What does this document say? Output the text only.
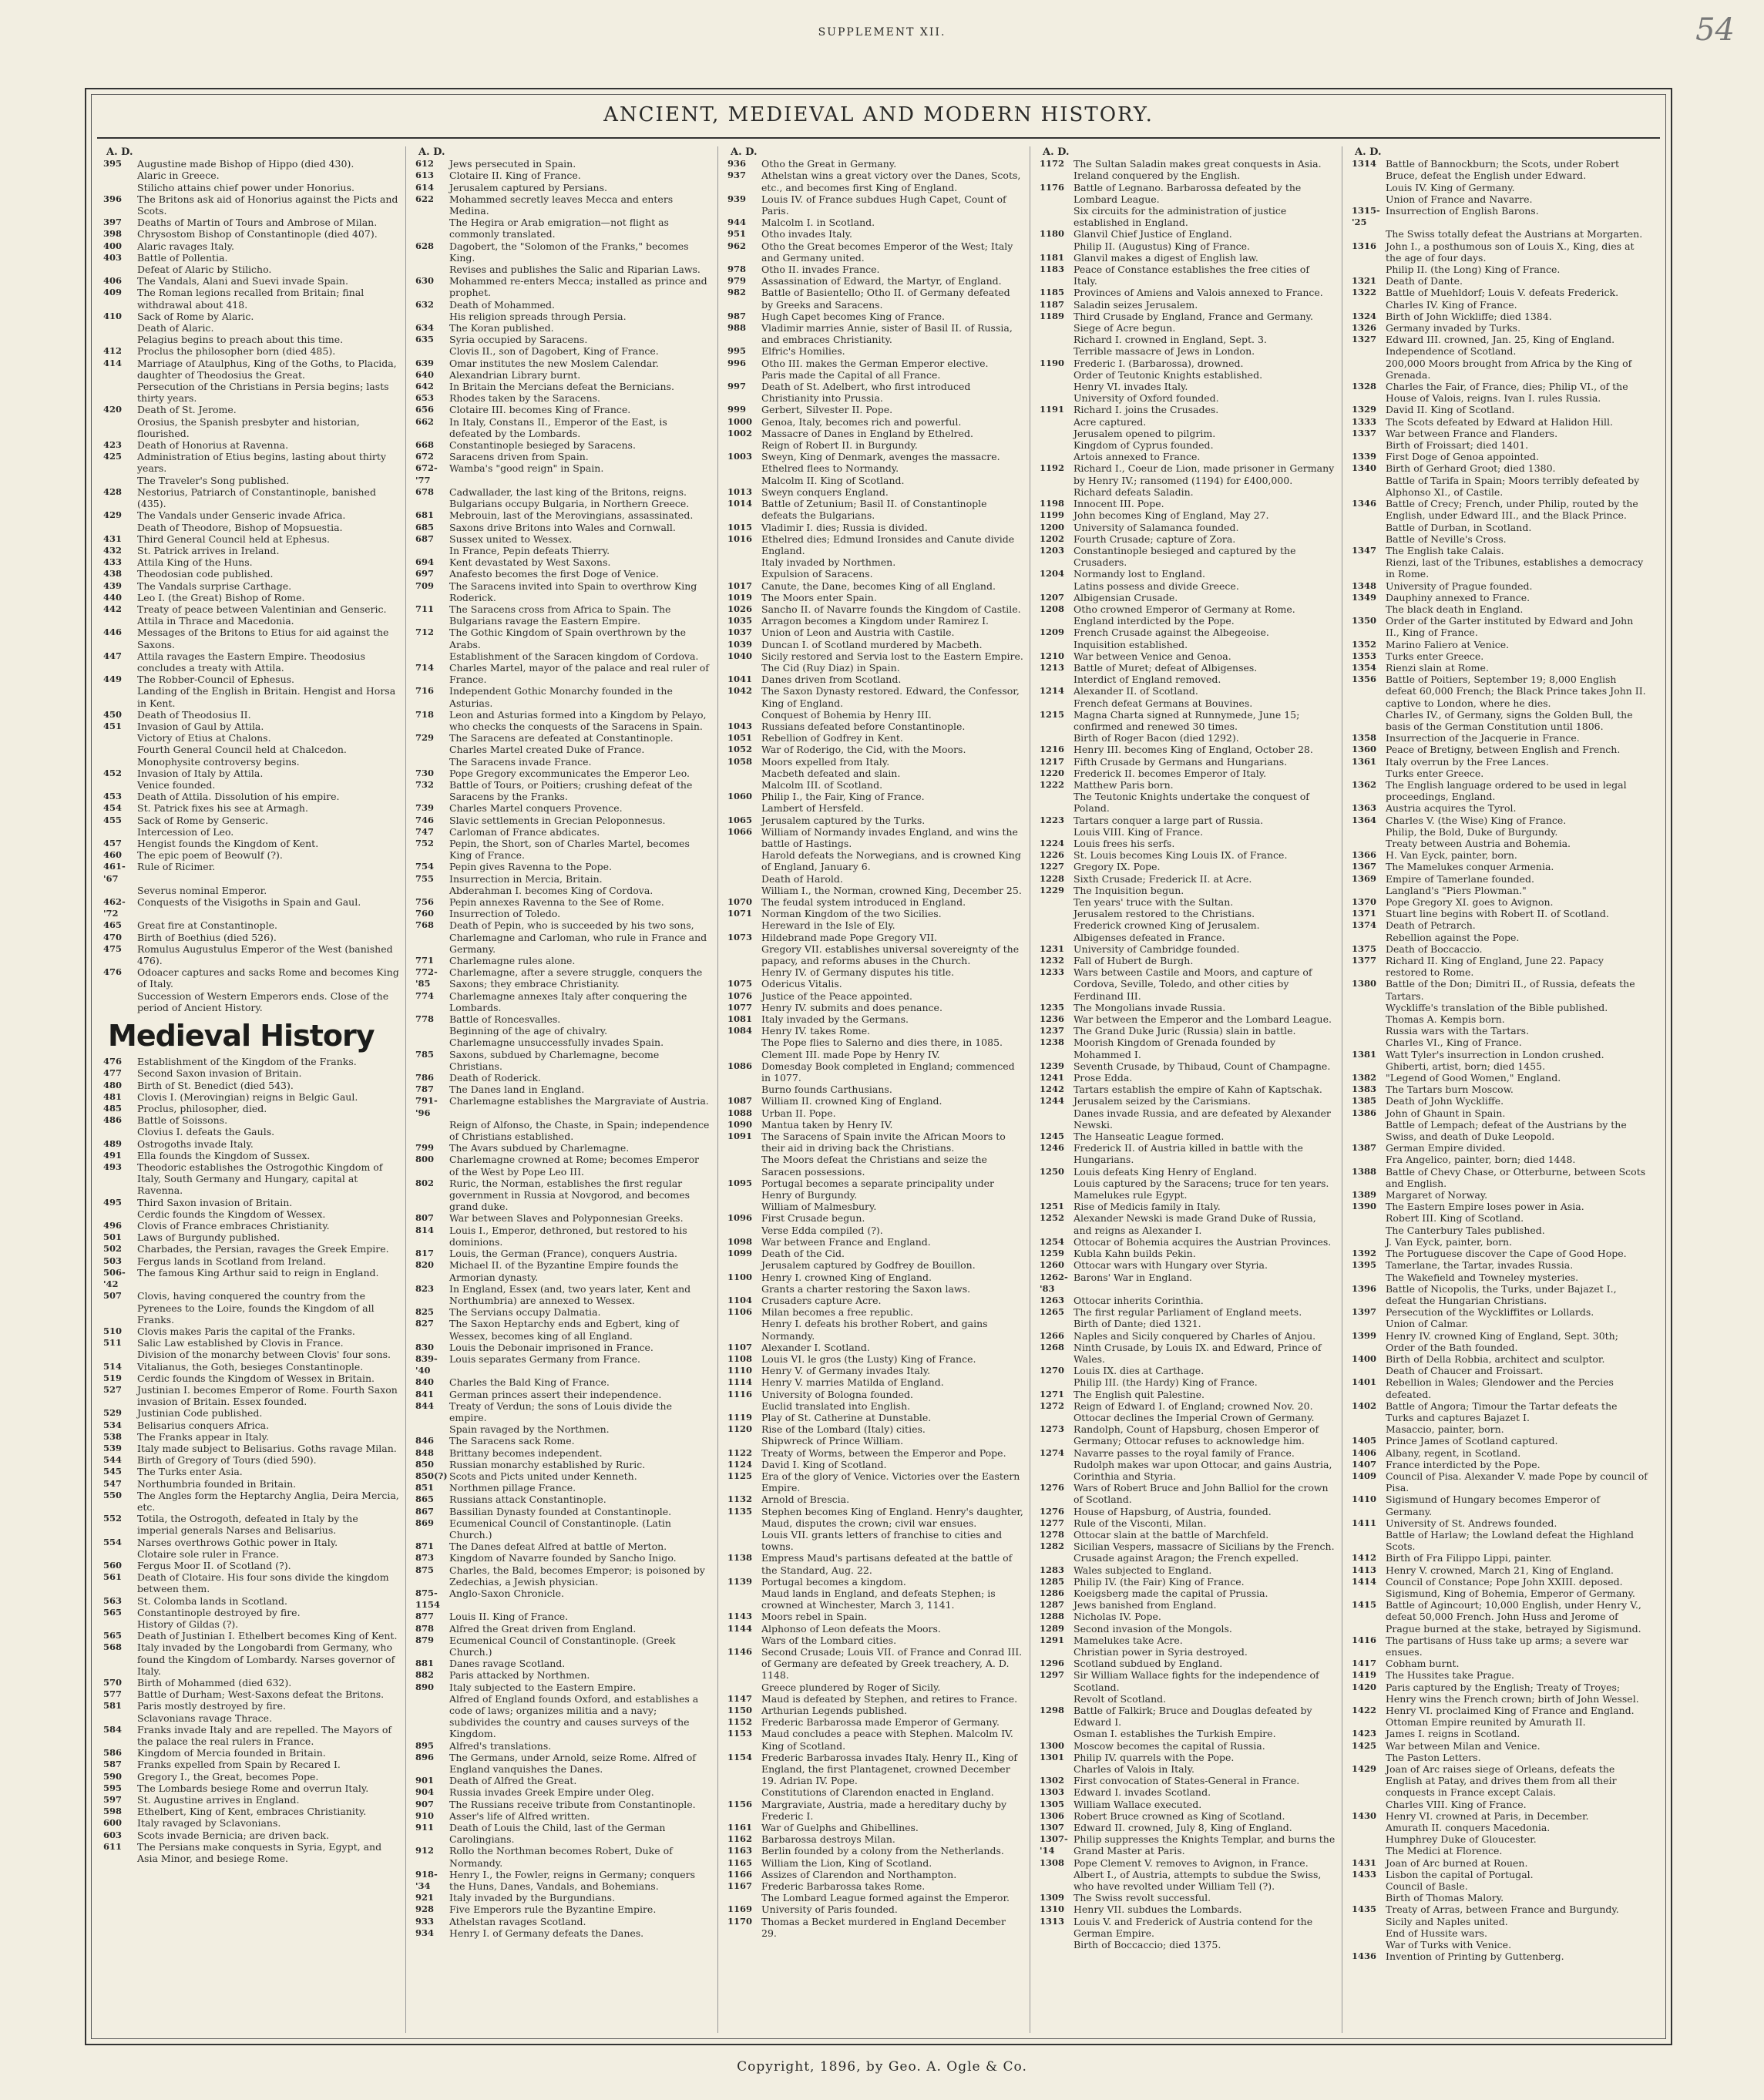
54
SUPPLEMENT XII.
ANCIENT, MEDIEVAL AND MODERN HISTORY.
A. D.
395	Augustine made Bishop of Hippo (died 430).
Alaric in Greece.
Stilicho attains chief power under Honorius.
396	The Britons ask aid of Honorius against the Picts and Scots.
397	Deaths of Martin of Tours and Ambrose of Milan.
398	Chrysostom Bishop of Constantinople (died 407).
400	Alaric ravages Italy.
403	Battle of Pollentia.
Defeat of Alaric by Stilicho.
406	The Vandals, Alani and Suevi invade Spain.
409	The Roman legions recalled from Britain; final withdrawal about 418.
410	Sack of Rome by Alaric.
Death of Alaric.
Pelagius begins to preach about this time.
412	Proclus the philosopher born (died 485).
414	Marriage of Ataulphus, King of the Goths, to Placida, daughter of Theodosius the Great.
Persecution of the Christians in Persia begins; lasts thirty years.
420	Death of St. Jerome.
Orosius, the Spanish presbyter and historian, flourished.
423	Death of Honorius at Ravenna.
425	Administration of Etius begins, lasting about thirty years.
The Traveler's Song published.
428	Nestorius, Patriarch of Constantinople, banished (435).
429	The Vandals under Genseric invade Africa.
Death of Theodore, Bishop of Mopsuestia.
431	Third General Council held at Ephesus.
432	St. Patrick arrives in Ireland.
433	Attila King of the Huns.
438	Theodosian code published.
439	The Vandals surprise Carthage.
440	Leo I. (the Great) Bishop of Rome.
442	Treaty of peace between Valentinian and Genseric.
Attila in Thrace and Macedonia.
446	Messages of the Britons to Etius for aid against the Saxons.
447	Attila ravages the Eastern Empire. Theodosius concludes a treaty with Attila.
449	The Robber-Council of Ephesus.
Landing of the English in Britain. Hengist and Horsa in Kent.
450	Death of Theodosius II.
451	Invasion of Gaul by Attila.
Victory of Etius at Chalons.
Fourth General Council held at Chalcedon.
Monophysite controversy begins.
452	Invasion of Italy by Attila.
Venice founded.
453	Death of Attila. Dissolution of his empire.
454	St. Patrick fixes his see at Armagh.
455	Sack of Rome by Genseric.
Intercession of Leo.
457	Hengist founds the Kingdom of Kent.
460	The epic poem of Beowulf (?).
461-'67
Rule of Ricimer.
Severus nominal Emperor.
462-'72
Conquests of the Visigoths in Spain and Gaul.
465	Great fire at Constantinople.
470	Birth of Boethius (died 526).
475	Romulus Augustulus Emperor of the West (banished 476).
476	Odoacer captures and sacks Rome and becomes King of Italy.
Succession of Western Emperors ends. Close of the period of Ancient History.
Medieval History
476	Establishment of the Kingdom of the Franks.
477	Second Saxon invasion of Britain.
480	Birth of St. Benedict (died 543).
481	Clovis I. (Merovingian) reigns in Belgic Gaul.
485	Proclus, philosopher, died.
486	Battle of Soissons.
Clovius I. defeats the Gauls.
489	Ostrogoths invade Italy.
491	Ella founds the Kingdom of Sussex.
493	Theodoric establishes the Ostrogothic Kingdom of Italy, South Germany and Hungary, capital at Ravenna.
495	Third Saxon invasion of Britain.
Cerdic founds the Kingdom of Wessex.
496	Clovis of France embraces Christianity.
501	Laws of Burgundy published.
502	Charbades, the Persian, ravages the Greek Empire.
503	Fergus lands in Scotland from Ireland.
506-'42
The famous King Arthur said to reign in England.
507	Clovis, having conquered the country from the Pyrenees to the Loire, founds the Kingdom of all Franks.
510	Clovis makes Paris the capital of the Franks.
511	Salic Law established by Clovis in France.
Division of the monarchy between Clovis' four sons.
514	Vitalianus, the Goth, besieges Constantinople.
519	Cerdic founds the Kingdom of Wessex in Britain.
527	Justinian I. becomes Emperor of Rome. Fourth Saxon invasion of Britain. Essex founded.
529	Justinian Code published.
534	Belisarius conquers Africa.
538	The Franks appear in Italy.
539	Italy made subject to Belisarius. Goths ravage Milan.
544	Birth of Gregory of Tours (died 590).
545	The Turks enter Asia.
547	Northumbria founded in Britain.
550	The Angles form the Heptarchy Anglia, Deira Mercia, etc.
552	Totila, the Ostrogoth, defeated in Italy by the imperial generals Narses and Belisarius.
554	Narses overthrows Gothic power in Italy.
Clotaire sole ruler in France.
560	Fergus Moor II. of Scotland (?).
561	Death of Clotaire. His four sons divide the kingdom between them.
563	St. Colomba lands in Scotland.
565	Constantinople destroyed by fire.
History of Gildas (?).
565	Death of Justinian I. Ethelbert becomes King of Kent.
568	Italy invaded by the Longobardi from Germany, who found the Kingdom of Lombardy. Narses governor of Italy.
570	Birth of Mohammed (died 632).
577	Battle of Durham; West-Saxons defeat the Britons.
581	Paris mostly destroyed by fire.
Sclavonians ravage Thrace.
584	Franks invade Italy and are repelled. The Mayors of the palace the real rulers in France.
586	Kingdom of Mercia founded in Britain.
587	Franks expelled from Spain by Recared I.
590	Gregory I., the Great, becomes Pope.
595	The Lombards besiege Rome and overrun Italy.
597	St. Augustine arrives in England.
598	Ethelbert, King of Kent, embraces Christianity.
600	Italy ravaged by Sclavonians.
603	Scots invade Bernicia; are driven back.
611	The Persians make conquests in Syria, Egypt, and Asia Minor, and besiege Rome.
A. D.
612	Jews persecuted in Spain.
613	Clotaire II. King of France.
614	Jerusalem captured by Persians.
622	Mohammed secretly leaves Mecca and enters Medina.
The Hegira or Arab emigration—not flight as commonly translated.
628	Dagobert, the "Solomon of the Franks," becomes King.
Revises and publishes the Salic and Riparian Laws.
630	Mohammed re-enters Mecca; installed as prince and prophet.
632	Death of Mohammed.
His religion spreads through Persia.
634	The Koran published.
635	Syria occupied by Saracens.
Clovis II., son of Dagobert, King of France.
639	Omar institutes the new Moslem Calendar.
640	Alexandrian Library burnt.
642	In Britain the Mercians defeat the Bernicians.
653	Rhodes taken by the Saracens.
656	Clotaire III. becomes King of France.
662	In Italy, Constans II., Emperor of the East, is defeated by the Lombards.
668	Constantinople besieged by Saracens.
672	Saracens driven from Spain.
672-'77
Wamba's "good reign" in Spain.
678	Cadwallader, the last king of the Britons, reigns.
Bulgarians occupy Bulgaria, in Northern Greece.
681	Mebrouin, last of the Merovingians, assassinated.
685	Saxons drive Britons into Wales and Cornwall.
687	Sussex united to Wessex.
In France, Pepin defeats Thierry.
694	Kent devastated by West Saxons.
697	Anafesto becomes the first Doge of Venice.
709	The Saracens invited into Spain to overthrow King Roderick.
711	The Saracens cross from Africa to Spain. The Bulgarians ravage the Eastern Empire.
712	The Gothic Kingdom of Spain overthrown by the Arabs.
Establishment of the Saracen kingdom of Cordova.
714	Charles Martel, mayor of the palace and real ruler of France.
716	Independent Gothic Monarchy founded in the Asturias.
718	Leon and Asturias formed into a Kingdom by Pelayo, who checks the conquests of the Saracens in Spain.
729	The Saracens are defeated at Constantinople.
Charles Martel created Duke of France.
The Saracens invade France.
730	Pope Gregory excommunicates the Emperor Leo.
732	Battle of Tours, or Poitiers; crushing defeat of the Saracens by the Franks.
739	Charles Martel conquers Provence.
746	Slavic settlements in Grecian Peloponnesus.
747	Carloman of France abdicates.
752	Pepin, the Short, son of Charles Martel, becomes King of France.
754	Pepin gives Ravenna to the Pope.
755	Insurrection in Mercia, Britain.
Abderahman I. becomes King of Cordova.
756	Pepin annexes Ravenna to the See of Rome.
760	Insurrection of Toledo.
768	Death of Pepin, who is succeeded by his two sons, Charlemagne and Carloman, who rule in France and Germany.
771	Charlemagne rules alone.
772-'85
Charlemagne, after a severe struggle, conquers the Saxons; they embrace Christianity.
774	Charlemagne annexes Italy after conquering the Lombards.
778	Battle of Roncesvalles.
Beginning of the age of chivalry.
Charlemagne unsuccessfully invades Spain.
785	Saxons, subdued by Charlemagne, become Christians.
786	Death of Roderick.
787	The Danes land in England.
791-'96
Charlemagne establishes the Margraviate of Austria.
Reign of Alfonso, the Chaste, in Spain; independence of Christians established.
799	The Avars subdued by Charlemagne.
800	Charlemagne crowned at Rome; becomes Emperor of the West by Pope Leo III.
802	Ruric, the Norman, establishes the first regular government in Russia at Novgorod, and becomes grand duke.
807	War between Slaves and Polyponnesian Greeks.
814	Louis I., Emperor, dethroned, but restored to his dominions.
817	Louis, the German (France), conquers Austria.
820	Michael II. of the Byzantine Empire founds the Armorian dynasty.
823	In England, Essex (and, two years later, Kent and Northumbria) are annexed to Wessex.
825	The Servians occupy Dalmatia.
827	The Saxon Heptarchy ends and Egbert, king of Wessex, becomes king of all England.
830	Louis the Debonair imprisoned in France.
839-'40
Louis separates Germany from France.
840	Charles the Bald King of France.
841	German princes assert their independence.
844	Treaty of Verdun; the sons of Louis divide the empire.
Spain ravaged by the Northmen.
846	The Saracens sack Rome.
848	Brittany becomes independent.
850	Russian monarchy established by Ruric.
850(?) Scots and Picts united under Kenneth.
851	Northmen pillage France.
865	Russians attack Constantinople.
867	Bassilian Dynasty founded at Constantinople.
869	Ecumenical Council of Constantinople. (Latin Church.)
871	The Danes defeat Alfred at battle of Merton.
873	Kingdom of Navarre founded by Sancho Inigo.
875	Charles, the Bald, becomes Emperor; is poisoned by Zedechias, a Jewish physician.
875-1154
Anglo-Saxon Chronicle.
877	Louis II. King of France.
878	Alfred the Great driven from England.
879	Ecumenical Council of Constantinople. (Greek Church.)
881	Danes ravage Scotland.
882	Paris attacked by Northmen.
890	Italy subjected to the Eastern Empire.
Alfred of England founds Oxford, and establishes a code of laws; organizes militia and a navy; subdivides the country and causes surveys of the Kingdom.
895	Alfred's translations.
896	The Germans, under Arnold, seize Rome. Alfred of England vanquishes the Danes.
901	Death of Alfred the Great.
904	Russia invades Greek Empire under Oleg.
907	The Russians receive tribute from Constantinople.
910	Asser's life of Alfred written.
911	Death of Louis the Child, last of the German Carolingians.
912	Rollo the Northman becomes Robert, Duke of Normandy.
918-'34
Henry I., the Fowler, reigns in Germany; conquers the Huns, Danes, Vandals, and Bohemians.
921	Italy invaded by the Burgundians.
928	Five Emperors rule the Byzantine Empire.
933	Athelstan ravages Scotland.
934	Henry I. of Germany defeats the Danes.
A. D.
936	Otho the Great in Germany.
937	Athelstan wins a great victory over the Danes, Scots, etc., and becomes first King of England.
939	Louis IV. of France subdues Hugh Capet, Count of Paris.
944	Malcolm I. in Scotland.
951	Otho invades Italy.
962	Otho the Great becomes Emperor of the West; Italy and Germany united.
978	Otho II. invades France.
979	Assassination of Edward, the Martyr, of England.
982	Battle of Basientello; Otho II. of Germany defeated by Greeks and Saracens.
987	Hugh Capet becomes King of France.
988	Vladimir marries Annie, sister of Basil II. of Russia, and embraces Christianity.
995	Elfric's Homilies.
996	Otho III. makes the German Emperor elective.
Paris made the Capital of all France.
997	Death of St. Adelbert, who first introduced Christianity into Prussia.
999	Gerbert, Silvester II. Pope.
1000 Genoa, Italy, becomes rich and powerful.
1002 Massacre of Danes in England by Ethelred.
Reign of Robert II. in Burgundy.
1003 Sweyn, King of Denmark, avenges the massacre.
Ethelred flees to Normandy.
Malcolm II. King of Scotland.
1013 Sweyn conquers England.
1014 Battle of Zetunium; Basil II. of Constantinople defeats the Bulgarians.
1015 Vladimir I. dies; Russia is divided.
1016 Ethelred dies; Edmund Ironsides and Canute divide England.
Italy invaded by Northmen.
Expulsion of Saracens.
1017 Canute, the Dane, becomes King of all England.
1019 The Moors enter Spain.
1026 Sancho II. of Navarre founds the Kingdom of Castile.
1035 Arragon becomes a Kingdom under Ramirez I.
1037 Union of Leon and Austria with Castile.
1039 Duncan I. of Scotland murdered by Macbeth.
1040 Sicily restored and Servia lost to the Eastern Empire.
The Cid (Ruy Diaz) in Spain.
1041 Danes driven from Scotland.
1042 The Saxon Dynasty restored. Edward, the Confessor, King of England.
Conquest of Bohemia by Henry III.
1043 Russians defeated before Constantinople.
1051 Rebellion of Godfrey in Kent.
1052 War of Roderigo, the Cid, with the Moors.
1058 Moors expelled from Italy.
Macbeth defeated and slain.
Malcolm III. of Scotland.
1060 Philip I., the Fair, King of France.
Lambert of Hersfeld.
1065 Jerusalem captured by the Turks.
1066 William of Normandy invades England, and wins the battle of Hastings.
Harold defeats the Norwegians, and is crowned King of England, January 6.
Death of Harold.
William I., the Norman, crowned King, December 25.
1070 The feudal system introduced in England.
1071 Norman Kingdom of the two Sicilies.
Hereward in the Isle of Ely.
1073 Hildebrand made Pope Gregory VII.
Gregory VII. establishes universal sovereignty of the papacy, and reforms abuses in the Church.
Henry IV. of Germany disputes his title.
1075 Odericus Vitalis.
1076 Justice of the Peace appointed.
1077 Henry IV. submits and does penance.
1081 Italy invaded by the Germans.
1084 Henry IV. takes Rome.
The Pope flies to Salerno and dies there, in 1085.
Clement III. made Pope by Henry IV.
1086 Domesday Book completed in England; commenced in 1077.
Burno founds Carthusians.
1087 William II. crowned King of England.
1088 Urban II. Pope.
1090 Mantua taken by Henry IV.
1091 The Saracens of Spain invite the African Moors to their aid in driving back the Christians.
The Moors defeat the Christians and seize the Saracen possessions.
1095 Portugal becomes a separate principality under Henry of Burgundy.
William of Malmesbury.
1096 First Crusade begun.
Verse Edda compiled (?).
1098 War between France and England.
1099 Death of the Cid.
Jerusalem captured by Godfrey de Bouillon.
1100 Henry I. crowned King of England.
Grants a charter restoring the Saxon laws.
1104 Crusaders capture Acre.
1106 Milan becomes a free republic.
Henry I. defeats his brother Robert, and gains Normandy.
1107 Alexander I. Scotland.
1108 Louis VI. le gros (the Lusty) King of France.
1110 Henry V. of Germany invades Italy.
1114 Henry V. marries Matilda of England.
1116 University of Bologna founded.
Euclid translated into English.
1119 Play of St. Catherine at Dunstable.
1120 Rise of the Lombard (Italy) cities.
Shipwreck of Prince William.
1122 Treaty of Worms, between the Emperor and Pope.
1124 David I. King of Scotland.
1125 Era of the glory of Venice. Victories over the Eastern Empire.
1132 Arnold of Brescia.
1135 Stephen becomes King of England. Henry's daughter, Maud, disputes the crown; civil war ensues.
Louis VII. grants letters of franchise to cities and towns.
1138 Empress Maud's partisans defeated at the battle of the Standard, Aug. 22.
1139 Portugal becomes a kingdom.
Maud lands in England, and defeats Stephen; is crowned at Winchester, March 3, 1141.
1143 Moors rebel in Spain.
1144 Alphonso of Leon defeats the Moors.
Wars of the Lombard cities.
1146 Second Crusade; Louis VII. of France and Conrad III. of Germany are defeated by Greek treachery, A. D. 1148.
Greece plundered by Roger of Sicily.
1147 Maud is defeated by Stephen, and retires to France.
1150 Arthurian Legends published.
1152 Frederic Barbarossa made Emperor of Germany.
1153 Maud concludes a peace with Stephen. Malcolm IV. King of Scotland.
1154 Frederic Barbarossa invades Italy. Henry II., King of England, the first Plantagenet, crowned December 19. Adrian IV. Pope.
Constitutions of Clarendon enacted in England.
1156 Margraviate, Austria, made a hereditary duchy by Frederic I.
1161 War of Guelphs and Ghibellines.
1162 Barbarossa destroys Milan.
1163 Berlin founded by a colony from the Netherlands.
1165 William the Lion, King of Scotland.
1166 Assizes of Clarendon and Northampton.
1167 Frederic Barbarossa takes Rome.
The Lombard League formed against the Emperor.
1169 University of Paris founded.
1170 Thomas a Becket murdered in England December 29.
A. D.
1172 The Sultan Saladin makes great conquests in Asia.
Ireland conquered by the English.
1176 Battle of Legnano. Barbarossa defeated by the Lombard League.
Six circuits for the administration of justice established in England.
1180 Glanvil Chief Justice of England.
Philip II. (Augustus) King of France.
1181 Glanvil makes a digest of English law.
1183 Peace of Constance establishes the free cities of Italy.
1185 Provinces of Amiens and Valois annexed to France.
1187 Saladin seizes Jerusalem.
1189 Third Crusade by England, France and Germany.
Siege of Acre begun.
Richard I. crowned in England, Sept. 3.
Terrible massacre of Jews in London.
1190 Frederic I. (Barbarossa), drowned.
Order of Teutonic Knights established.
Henry VI. invades Italy.
University of Oxford founded.
1191 Richard I. joins the Crusades.
Acre captured.
Jerusalem opened to pilgrim.
Kingdom of Cyprus founded.
Artois annexed to France.
1192 Richard I., Coeur de Lion, made prisoner in Germany by Henry IV.; ransomed (1194) for £400,000.
Richard defeats Saladin.
1198 Innocent III. Pope.
1199 John becomes King of England, May 27.
1200 University of Salamanca founded.
1202 Fourth Crusade; capture of Zora.
1203 Constantinople besieged and captured by the Crusaders.
1204 Normandy lost to England.
Latins possess and divide Greece.
1207 Albigensian Crusade.
1208 Otho crowned Emperor of Germany at Rome.
England interdicted by the Pope.
1209 French Crusade against the Albegeoise.
Inquisition established.
1210 War between Venice and Genoa.
1213 Battle of Muret; defeat of Albigenses.
Interdict of England removed.
1214 Alexander II. of Scotland.
French defeat Germans at Bouvines.
1215 Magna Charta signed at Runnymede, June 15; confirmed and renewed 30 times.
Birth of Roger Bacon (died 1292).
1216 Henry III. becomes King of England, October 28.
1217 Fifth Crusade by Germans and Hungarians.
1220 Frederick II. becomes Emperor of Italy.
1222 Matthew Paris born.
The Teutonic Knights undertake the conquest of Poland.
1223 Tartars conquer a large part of Russia.
Louis VIII. King of France.
1224 Louis frees his serfs.
1226 St. Louis becomes King Louis IX. of France.
1227 Gregory IX. Pope.
1228 Sixth Crusade; Frederick II. at Acre.
1229 The Inquisition begun.
Ten years' truce with the Sultan.
Jerusalem restored to the Christians.
Frederick crowned King of Jerusalem.
Albigenses defeated in France.
1231 University of Cambridge founded.
1232 Fall of Hubert de Burgh.
1233 Wars between Castile and Moors, and capture of Cordova, Seville, Toledo, and other cities by Ferdinand III.
1235 The Mongolians invade Russia.
1236 War between the Emperor and the Lombard League.
1237 The Grand Duke Juric (Russia) slain in battle.
1238 Moorish Kingdom of Grenada founded by Mohammed I.
1239 Seventh Crusade, by Thibaud, Count of Champagne.
1241 Prose Edda.
1242 Tartars establish the empire of Kahn of Kaptschak.
1244 Jerusalem seized by the Carismians.
Danes invade Russia, and are defeated by Alexander Newski.
1245 The Hanseatic League formed.
1246 Frederick II. of Austria killed in battle with the Hungarians.
1250 Louis defeats King Henry of England.
Louis captured by the Saracens; truce for ten years.
Mamelukes rule Egypt.
1251 Rise of Medicis family in Italy.
1252 Alexander Newski is made Grand Duke of Russia, and reigns as Alexander I.
1254 Ottocar of Bohemia acquires the Austrian Provinces.
1259 Kubla Kahn builds Pekin.
1260 Ottocar wars with Hungary over Styria.
1262-'83
Barons' War in England.
1263 Ottocar inherits Corinthia.
1265 The first regular Parliament of England meets.
Birth of Dante; died 1321.
1266 Naples and Sicily conquered by Charles of Anjou.
1268 Ninth Crusade, by Louis IX. and Edward, Prince of Wales.
1270 Louis IX. dies at Carthage.
Philip III. (the Hardy) King of France.
1271 The English quit Palestine.
1272 Reign of Edward I. of England; crowned Nov. 20.
Ottocar declines the Imperial Crown of Germany.
1273 Randolph, Count of Hapsburg, chosen Emperor of Germany; Ottocar refuses to acknowledge him.
1274 Navarre passes to the royal family of France.
Rudolph makes war upon Ottocar, and gains Austria, Corinthia and Styria.
1276 Wars of Robert Bruce and John Balliol for the crown of Scotland.
1276 House of Hapsburg, of Austria, founded.
1277 Rule of the Visconti, Milan.
1278 Ottocar slain at the battle of Marchfeld.
1282 Sicilian Vespers, massacre of Sicilians by the French.
Crusade against Aragon; the French expelled.
1283 Wales subjected to England.
1285 Philip IV. (the Fair) King of France.
1286 Koeigsberg made the capital of Prussia.
1287 Jews banished from England.
1288 Nicholas IV. Pope.
1289 Second invasion of the Mongols.
1291 Mamelukes take Acre.
Christian power in Syria destroyed.
1296 Scotland subdued by England.
1297 Sir William Wallace fights for the independence of Scotland.
Revolt of Scotland.
1298 Battle of Falkirk; Bruce and Douglas defeated by Edward I.
Osman I. establishes the Turkish Empire.
1300 Moscow becomes the capital of Russia.
1301 Philip IV. quarrels with the Pope.
Charles of Valois in Italy.
1302 First convocation of States-General in France.
1303 Edward I. invades Scotland.
1305 William Wallace executed.
1306 Robert Bruce crowned as King of Scotland.
1307 Edward II. crowned, July 8, King of England.
1307-'14
Philip suppresses the Knights Templar, and burns the Grand Master at Paris.
1308 Pope Clement V. removes to Avignon, in France.
Albert I., of Austria, attempts to subdue the Swiss, who have revolted under William Tell (?).
1309 The Swiss revolt successful.
1310 Henry VII. subdues the Lombards.
1313 Louis V. and Frederick of Austria contend for the German Empire.
Birth of Boccaccio; died 1375.
A. D.
1314 Battle of Bannockburn; the Scots, under Robert Bruce, defeat the English under Edward.
Louis IV. King of Germany.
Union of France and Navarre.
1315-'25
Insurrection of English Barons.
The Swiss totally defeat the Austrians at Morgarten.
1316 John I., a posthumous son of Louis X., King, dies at the age of four days.
Philip II. (the Long) King of France.
1321 Death of Dante.
1322 Battle of Muehldorf; Louis V. defeats Frederick.
Charles IV. King of France.
1324 Birth of John Wickliffe; died 1384.
1326 Germany invaded by Turks.
1327 Edward III. crowned, Jan. 25, King of England.
Independence of Scotland.
200,000 Moors brought from Africa by the King of Grenada.
1328 Charles the Fair, of France, dies; Philip VI., of the House of Valois, reigns. Ivan I. rules Russia.
1329 David II. King of Scotland.
1333 The Scots defeated by Edward at Halidon Hill.
1337 War between France and Flanders.
Birth of Froissart; died 1401.
1339 First Doge of Genoa appointed.
1340 Birth of Gerhard Groot; died 1380.
Battle of Tarifa in Spain; Moors terribly defeated by Alphonso XI., of Castile.
1346 Battle of Crecy; French, under Philip, routed by the English, under Edward III., and the Black Prince.
Battle of Durban, in Scotland.
Battle of Neville's Cross.
1347 The English take Calais.
Rienzi, last of the Tribunes, establishes a democracy in Rome.
1348 University of Prague founded.
1349 Dauphiny annexed to France.
The black death in England.
1350 Order of the Garter instituted by Edward and John II., King of France.
1352 Marino Faliero at Venice.
1353 Turks enter Greece.
1354 Rienzi slain at Rome.
1356 Battle of Poitiers, September 19; 8,000 English defeat 60,000 French; the Black Prince takes John II. captive to London, where he dies.
Charles IV., of Germany, signs the Golden Bull, the basis of the German Constitution until 1806.
1358 Insurrection of the Jacquerie in France.
1360 Peace of Bretigny, between English and French.
1361 Italy overrun by the Free Lances.
Turks enter Greece.
1362 The English language ordered to be used in legal proceedings, England.
1363 Austria acquires the Tyrol.
1364 Charles V. (the Wise) King of France.
Philip, the Bold, Duke of Burgundy.
Treaty between Austria and Bohemia.
1366 H. Van Eyck, painter, born.
1367 The Mamelukes conquer Armenia.
1369 Empire of Tamerlane founded.
Langland's "Piers Plowman."
1370 Pope Gregory XI. goes to Avignon.
1371 Stuart line begins with Robert II. of Scotland.
1374 Death of Petrarch.
Rebellion against the Pope.
1375 Death of Boccaccio.
1377 Richard II. King of England, June 22. Papacy restored to Rome.
1380 Battle of the Don; Dimitri II., of Russia, defeats the Tartars.
Wyckliffe's translation of the Bible published.
Thomas A. Kempis born.
Russia wars with the Tartars.
Charles VI., King of France.
1381 Watt Tyler's insurrection in London crushed.
Ghiberti, artist, born; died 1455.
1382 "Legend of Good Women," England.
1383 The Tartars burn Moscow.
1385 Death of John Wyckliffe.
1386 John of Ghaunt in Spain.
Battle of Lempach; defeat of the Austrians by the Swiss, and death of Duke Leopold.
1387 German Empire divided.
Fra Angelico, painter, born; died 1448.
1388 Battle of Chevy Chase, or Otterburne, between Scots and English.
1389 Margaret of Norway.
1390 The Eastern Empire loses power in Asia.
Robert III. King of Scotland.
The Canterbury Tales published.
J. Van Eyck, painter, born.
1392 The Portuguese discover the Cape of Good Hope.
1395 Tamerlane, the Tartar, invades Russia.
The Wakefield and Towneley mysteries.
1396 Battle of Nicopolis, the Turks, under Bajazet I., defeat the Hungarian Christians.
1397 Persecution of the Wyckliffites or Lollards.
Union of Calmar.
1399 Henry IV. crowned King of England, Sept. 30th; Order of the Bath founded.
1400 Birth of Della Robbia, architect and sculptor.
Death of Chaucer and Froissart.
1401 Rebellion in Wales; Glendower and the Percies defeated.
1402 Battle of Angora; Timour the Tartar defeats the Turks and captures Bajazet I.
Masaccio, painter, born.
1405 Prince James of Scotland captured.
1406 Albany, regent, in Scotland.
1407 France interdicted by the Pope.
1409 Council of Pisa. Alexander V. made Pope by council of Pisa.
1410 Sigismund of Hungary becomes Emperor of Germany.
1411 University of St. Andrews founded.
Battle of Harlaw; the Lowland defeat the Highland Scots.
1412 Birth of Fra Filippo Lippi, painter.
1413 Henry V. crowned, March 21, King of England.
1414 Council of Constance; Pope John XXIII. deposed.
Sigismund, King of Bohemia, Emperor of Germany.
1415 Battle of Agincourt; 10,000 English, under Henry V., defeat 50,000 French. John Huss and Jerome of Prague burned at the stake, betrayed by Sigismund.
1416 The partisans of Huss take up arms; a severe war ensues.
1417 Cobham burnt.
1419 The Hussites take Prague.
1420 Paris captured by the English; Treaty of Troyes; Henry wins the French crown; birth of John Wessel.
1422 Henry VI. proclaimed King of France and England.
Ottoman Empire reunited by Amurath II.
1423 James I. reigns in Scotland.
1425 War between Milan and Venice.
The Paston Letters.
1429 Joan of Arc raises siege of Orleans, defeats the English at Patay, and drives them from all their conquests in France except Calais.
Charles VIII. King of France.
1430 Henry VI. crowned at Paris, in December.
Amurath II. conquers Macedonia.
Humphrey Duke of Gloucester.
The Medici at Florence.
1431 Joan of Arc burned at Rouen.
1433 Lisbon the capital of Portugal.
Council of Basle.
Birth of Thomas Malory.
1435 Treaty of Arras, between France and Burgundy.
Sicily and Naples united.
End of Hussite wars.
War of Turks with Venice.
1436 Invention of Printing by Guttenberg.
Copyright, 1896, by Geo. A. Ogle & Co.
